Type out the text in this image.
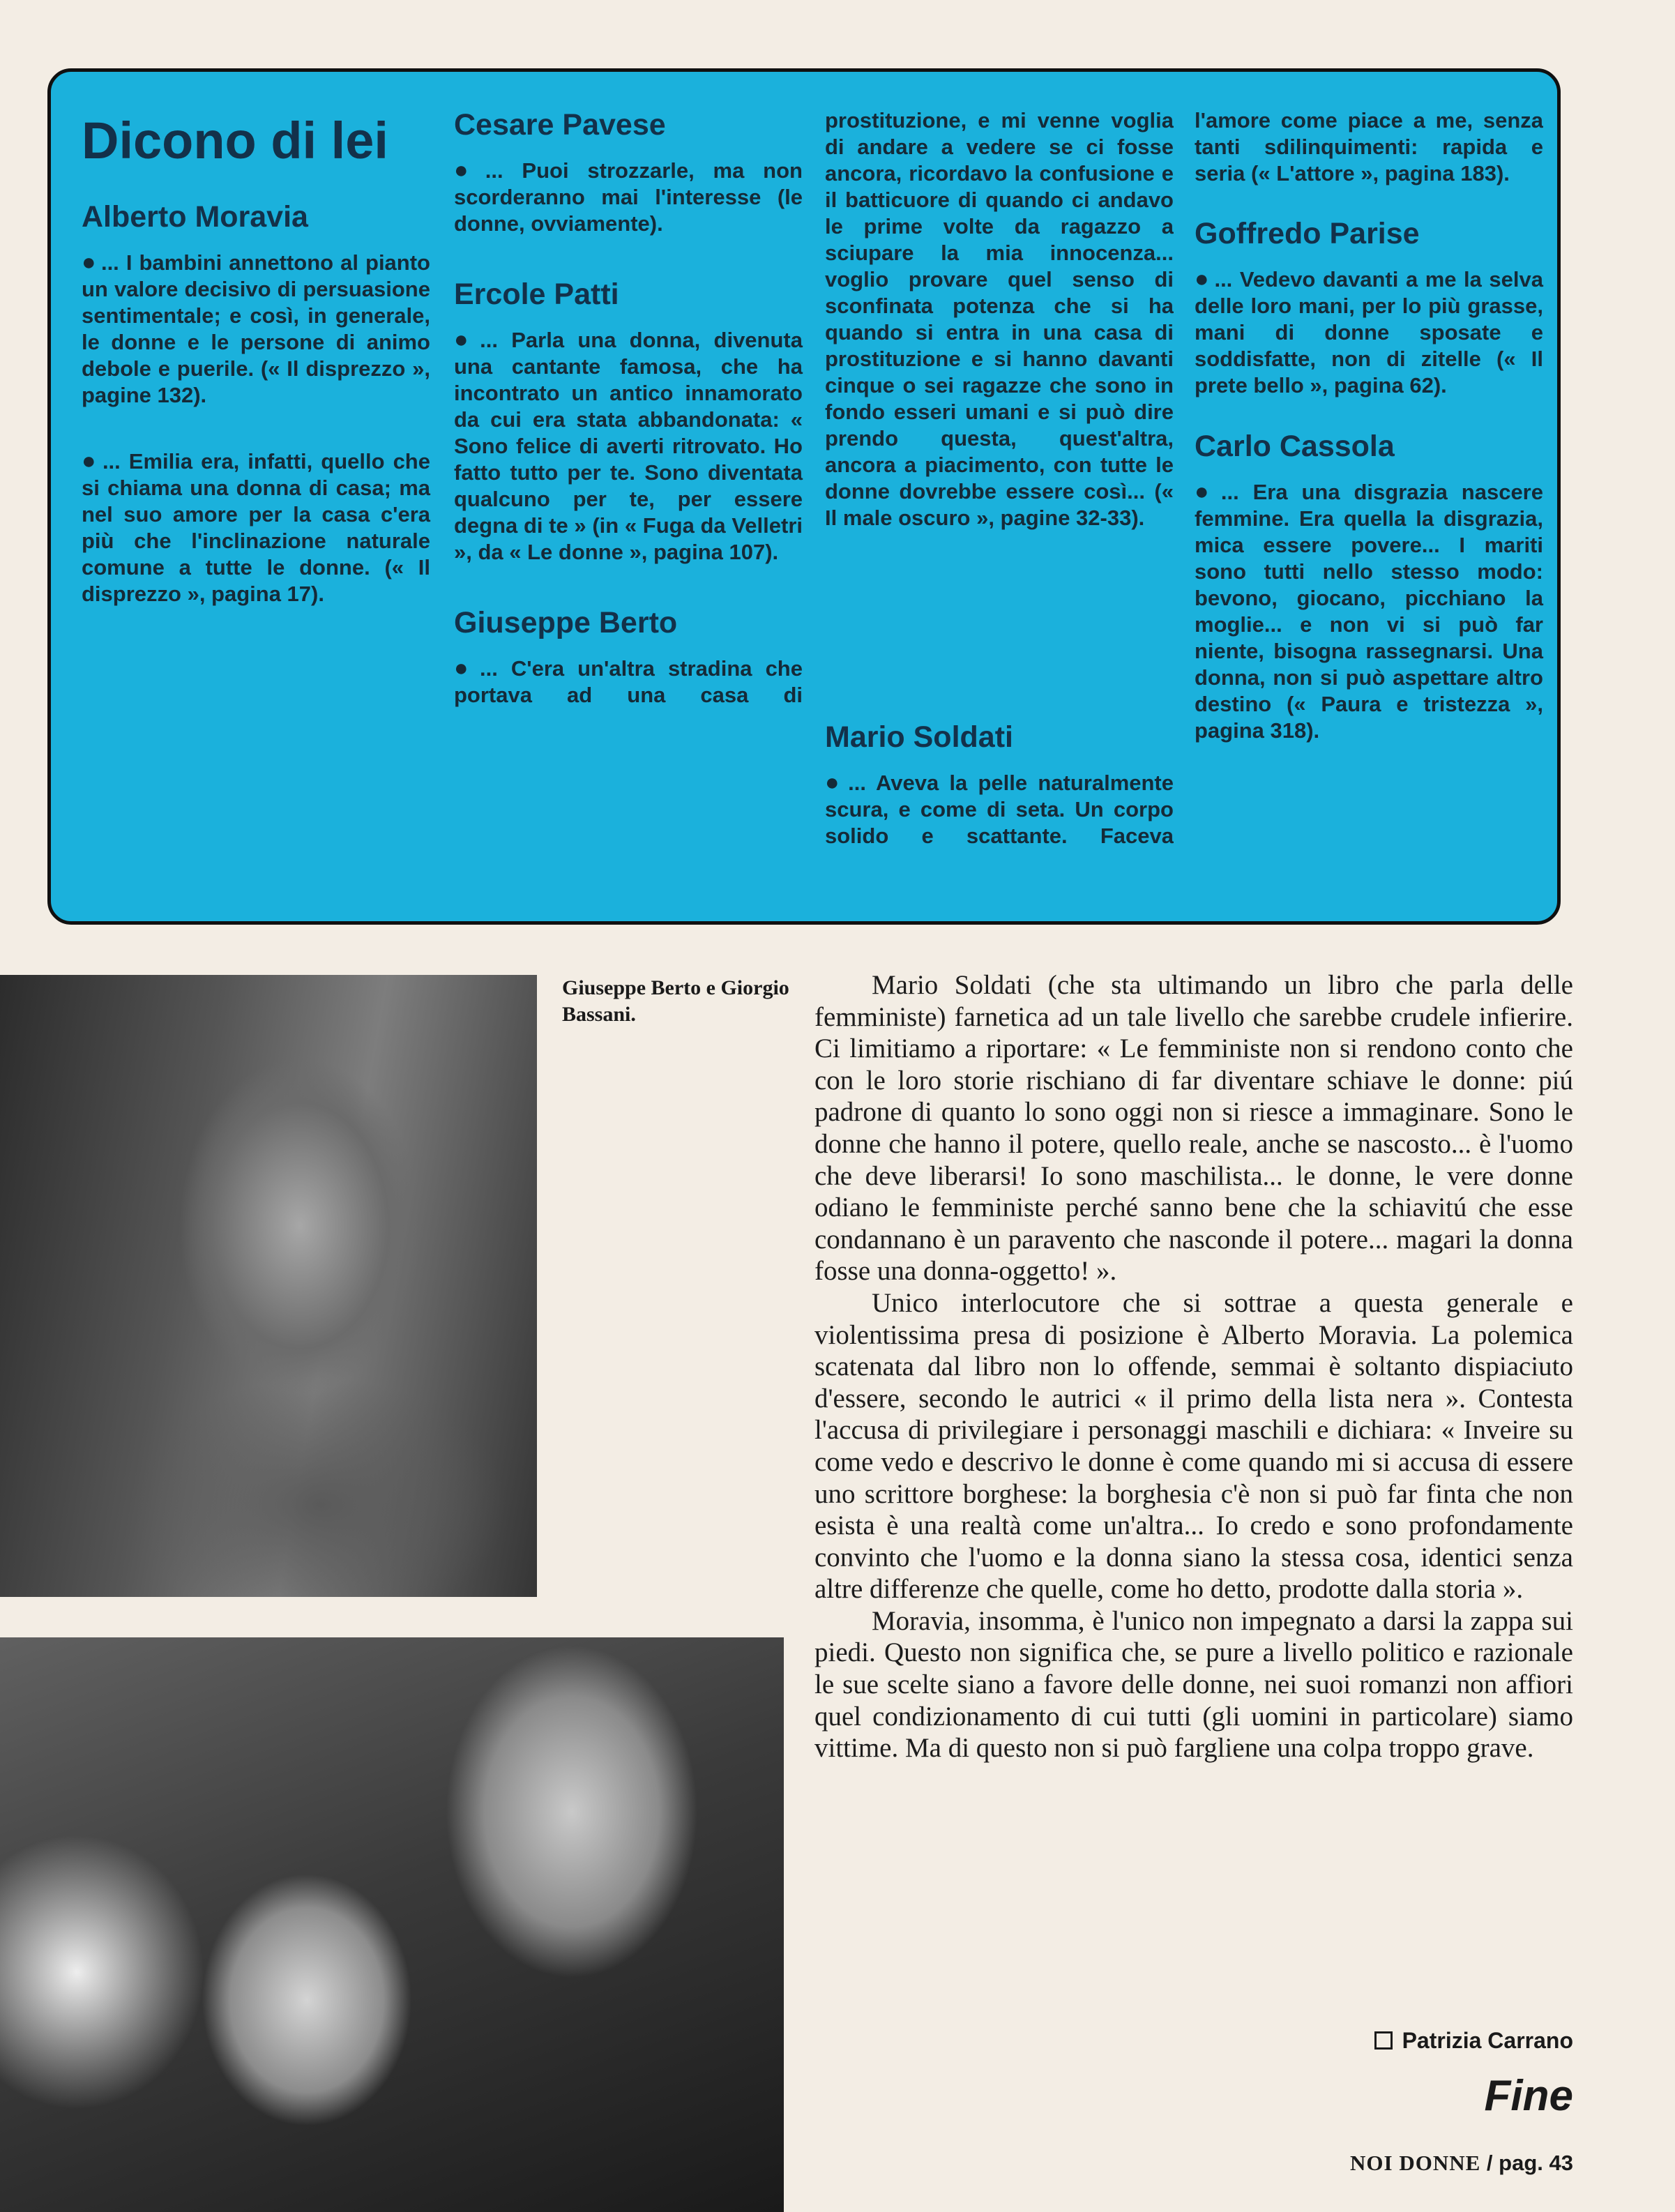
Dicono di lei
Alberto Moravia
● ... I bambini annettono al pianto un valore decisivo di persuasione sentimentale; e così, in generale, le donne e le persone di animo debole e puerile. (« Il disprezzo », pagine 132).
● ... Emilia era, infatti, quello che si chiama una donna di casa; ma nel suo amore per la casa c'era più che l'inclinazione naturale comune a tutte le donne. (« Il disprezzo », pagina 17).
Cesare Pavese
● ... Puoi strozzarle, ma non scorderanno mai l'interesse (le donne, ovviamente).
Ercole Patti
● ... Parla una donna, divenuta una cantante famosa, che ha incontrato un antico innamorato da cui era stata abbandonata: « Sono felice di averti ritrovato. Ho fatto tutto per te. Sono diventata qualcuno per te, per essere degna di te » (in « Fuga da Velletri », da « Le donne », pagina 107).
Giuseppe Berto
● ... C'era un'altra stradina che portava ad una casa di
prostituzione, e mi venne voglia di andare a vedere se ci fosse ancora, ricordavo la confusione e il batticuore di quando ci andavo le prime volte da ragazzo a sciupare la mia innocenza... voglio provare quel senso di sconfinata potenza che si ha quando si entra in una casa di prostituzione e si hanno davanti cinque o sei ragazze che sono in fondo esseri umani e si può dire prendo questa, quest'altra, ancora a piacimento, con tutte le donne dovrebbe essere così... (« Il male oscuro », pagine 32-33).
Mario Soldati
● ... Aveva la pelle naturalmente scura, e come di seta. Un corpo solido e scattante. Faceva
l'amore come piace a me, senza tanti sdilinquimenti: rapida e seria (« L'attore », pagina 183).
Goffredo Parise
● ... Vedevo davanti a me la selva delle loro mani, per lo più grasse, mani di donne sposate e soddisfatte, non di zitelle (« Il prete bello », pagina 62).
Carlo Cassola
● ... Era una disgrazia nascere femmine. Era quella la disgrazia, mica essere povere... I mariti sono tutti nello stesso modo: bevono, giocano, picchiano la moglie... e non vi si può far niente, bisogna rassegnarsi. Una donna, non si può aspettare altro destino (« Paura e tristezza », pagina 318).
Giuseppe Berto e Giorgio Bassani.

Mario Soldati (che sta ultimando un libro che parla delle femministe) farnetica ad un tale livello che sarebbe crudele infierire. Ci limitiamo a riportare: « Le femministe non si rendono conto che con le loro storie rischiano di far diventare schiave le donne: piú padrone di quanto lo sono oggi non si riesce a immaginare. Sono le donne che hanno il potere, quello reale, anche se nascosto... è l'uomo che deve liberarsi! Io sono maschilista... le donne, le vere donne odiano le femministe perché sanno bene che la schiavitú che esse condannano è un paravento che nasconde il potere... magari la donna fosse una donna-oggetto! ».

Unico interlocutore che si sottrae a questa generale e violentissima presa di posizione è Alberto Moravia. La polemica scatenata dal libro non lo offende, semmai è soltanto dispiaciuto d'essere, secondo le autrici « il primo della lista nera ». Contesta l'accusa di privilegiare i personaggi maschili e dichiara: « Inveire su come vedo e descrivo le donne è come quando mi si accusa di essere uno scrittore borghese: la borghesia c'è non si può far finta che non esista è una realtà come un'altra... Io credo e sono profondamente convinto che l'uomo e la donna siano la stessa cosa, identici senza altre differenze che quelle, come ho detto, prodotte dalla storia ».

Moravia, insomma, è l'unico non impegnato a darsi la zappa sui piedi. Questo non significa che, se pure a livello politico e razionale le sue scelte siano a favore delle donne, nei suoi romanzi non affiori quel condizionamento di cui tutti (gli uomini in particolare) siamo vittime. Ma di questo non si può fargliene una colpa troppo grave.

Patrizia Carrano
Fine
NOI DONNE / pag. 43
